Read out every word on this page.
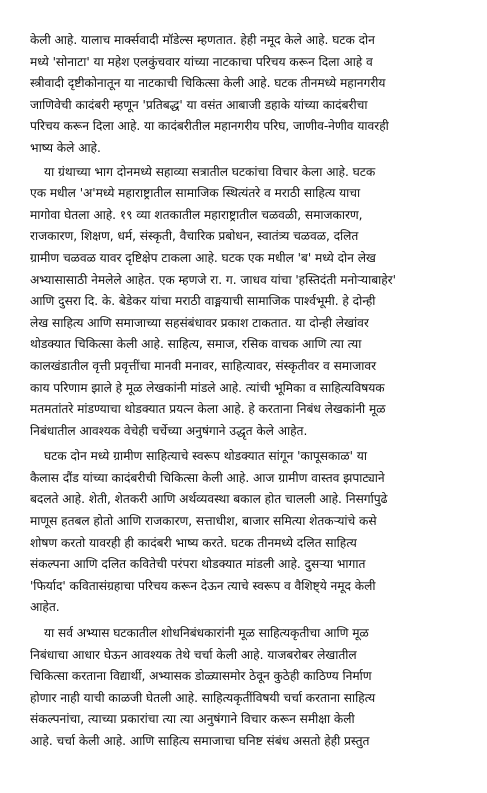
केली आहे. यालाच मार्क्सवादी मॉडेल्स म्हणतात. हेही नमूद केले आहे. घटक दोन
मध्ये 'सोनाटा' या महेश एलकुंचवार यांच्या नाटकाचा परिचय करून दिला आहे व
स्त्रीवादी दृष्टीकोनातून या नाटकाची चिकित्सा केली आहे. घटक तीनमध्ये महानगरीय
जाणिवेची कादंबरी म्हणून 'प्रतिबद्ध' या वसंत आबाजी डहाके यांच्या कादंबरीचा
परिचय करून दिला आहे. या कादंबरीतील महानगरीय परिघ, जाणीव-नेणीव यावरही
भाष्य केले आहे.

या ग्रंथाच्या भाग दोनमध्ये सहाव्या सत्रातील घटकांचा विचार केला आहे. घटक
एक मधील 'अ'मध्ये महाराष्ट्रातील सामाजिक स्थित्यंतरे व मराठी साहित्य याचा
मागोवा घेतला आहे. १९ व्या शतकातील महाराष्ट्रातील चळवळी, समाजकारण,
राजकारण, शिक्षण, धर्म, संस्कृती, वैचारिक प्रबोधन, स्वातंत्र्य चळवळ, दलित
ग्रामीण चळवळ यावर दृष्टिक्षेप टाकला आहे. घटक एक मधील 'ब' मध्ये दोन लेख
अभ्यासासाठी नेमलेले आहेत. एक म्हणजे रा. ग. जाधव यांचा 'हस्तिदंती मनोऱ्याबाहेर'
आणि दुसरा दि. के. बेडेकर यांचा मराठी वाङ्मयाची सामाजिक पार्श्वभूमी. हे दोन्ही
लेख साहित्य आणि समाजाच्या सहसंबंधावर प्रकाश टाकतात. या दोन्ही लेखांवर
थोडक्यात चिकित्सा केली आहे. साहित्य, समाज, रसिक वाचक आणि त्या त्या
कालखंडातील वृत्ती प्रवृत्तींचा मानवी मनावर, साहित्यावर, संस्कृतीवर व समाजावर
काय परिणाम झाले हे मूळ लेखकांनी मांडले आहे. त्यांची भूमिका व साहित्यविषयक
मतमतांतरे मांडण्याचा थोडक्यात प्रयत्न केला आहे. हे करताना निबंध लेखकांनी मूळ
निबंधातील आवश्यक वेचेही चर्चेच्या अनुषंगाने उद्धृत केले आहेत.

घटक दोन मध्ये ग्रामीण साहित्याचे स्वरूप थोडक्यात सांगून 'कापूसकाळ' या
कैलास दौंड यांच्या कादंबरीची चिकित्सा केली आहे. आज ग्रामीण वास्तव झपाट्याने
बदलते आहे. शेती, शेतकरी आणि अर्थव्यवस्था बकाल होत चालली आहे. निसर्गापुढे
माणूस हतबल होतो आणि राजकारण, सत्ताधीश, बाजार समित्या शेतकऱ्यांचे कसे
शोषण करतो यावरही ही कादंबरी भाष्य करते. घटक तीनमध्ये दलित साहित्य
संकल्पना आणि दलित कवितेची परंपरा थोडक्यात मांडली आहे. दुसऱ्या भागात
'फिर्याद' कवितासंग्रहाचा परिचय करून देऊन त्याचे स्वरूप व वैशिष्ट्ये नमूद केली
आहेत.

या सर्व अभ्यास घटकातील शोधनिबंधकारांनी मूळ साहित्यकृतीचा आणि मूळ
निबंधाचा आधार घेऊन आवश्यक तेथे चर्चा केली आहे. याजबरोबर लेखातील
चिकित्सा करताना विद्यार्थी, अभ्यासक डोळ्यासमोर ठेवून कुठेही काठिण्य निर्माण
होणार नाही याची काळजी घेतली आहे. साहित्यकृतींविषयी चर्चा करताना साहित्य
संकल्पनांचा, त्याच्या प्रकारांचा त्या त्या अनुषंगाने विचार करून समीक्षा केली
आहे. चर्चा केली आहे. आणि साहित्य समाजाचा घनिष्ट संबंध असतो हेही प्रस्तुत
